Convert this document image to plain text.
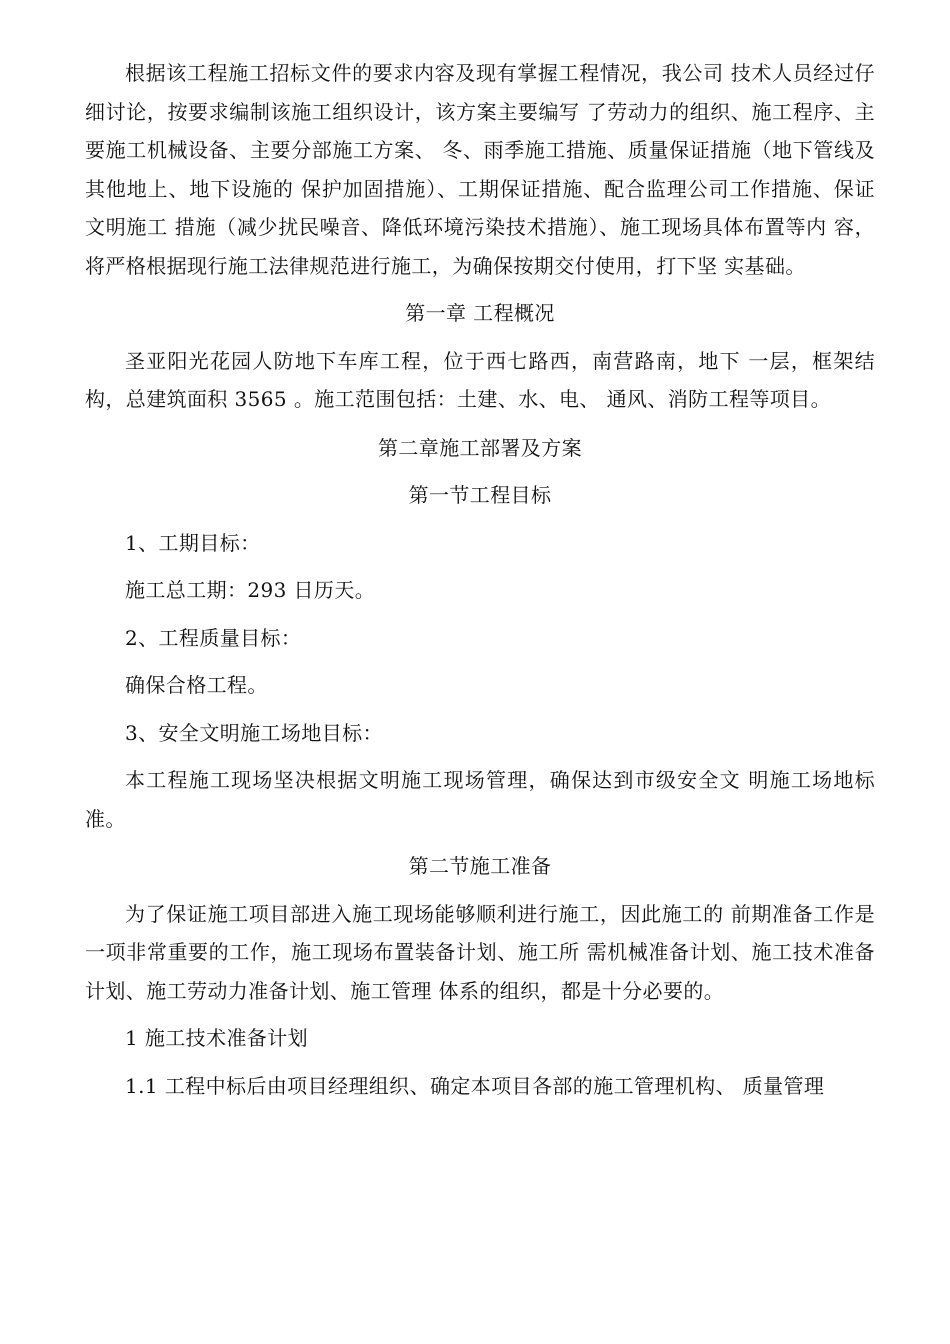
根据该工程施工招标文件的要求内容及现有掌握工程情况，我公司 技术人员经过仔细讨论，按要求编制该施工组织设计，该方案主要编写 了劳动力的组织、施工程序、主要施工机械设备、主要分部施工方案、 冬、雨季施工措施、质量保证措施（地下管线及其他地上、地下设施的 保护加固措施）、工期保证措施、配合监理公司工作措施、保证文明施工 措施（减少扰民噪音、降低环境污染技术措施）、施工现场具体布置等内 容，将严格根据现行施工法律规范进行施工，为确保按期交付使用，打下坚 实基础。

第一章 工程概况

圣亚阳光花园人防地下车库工程，位于西七路西，南营路南，地下 一层，框架结构，总建筑面积 3565 。施工范围包括：土建、水、电、 通风、消防工程等项目。

第二章施工部署及方案

第一节工程目标

1、工期目标：

施工总工期：293 日历天。

2、工程质量目标：

确保合格工程。

3、安全文明施工场地目标：

本工程施工现场坚决根据文明施工现场管理，确保达到市级安全文 明施工场地标准。

第二节施工准备

为了保证施工项目部进入施工现场能够顺利进行施工，因此施工的 前期准备工作是一项非常重要的工作，施工现场布置装备计划、施工所 需机械准备计划、施工技术准备计划、施工劳动力准备计划、施工管理 体系的组织，都是十分必要的。

1 施工技术准备计划

1.1 工程中标后由项目经理组织、确定本项目各部的施工管理机构、 质量管理
